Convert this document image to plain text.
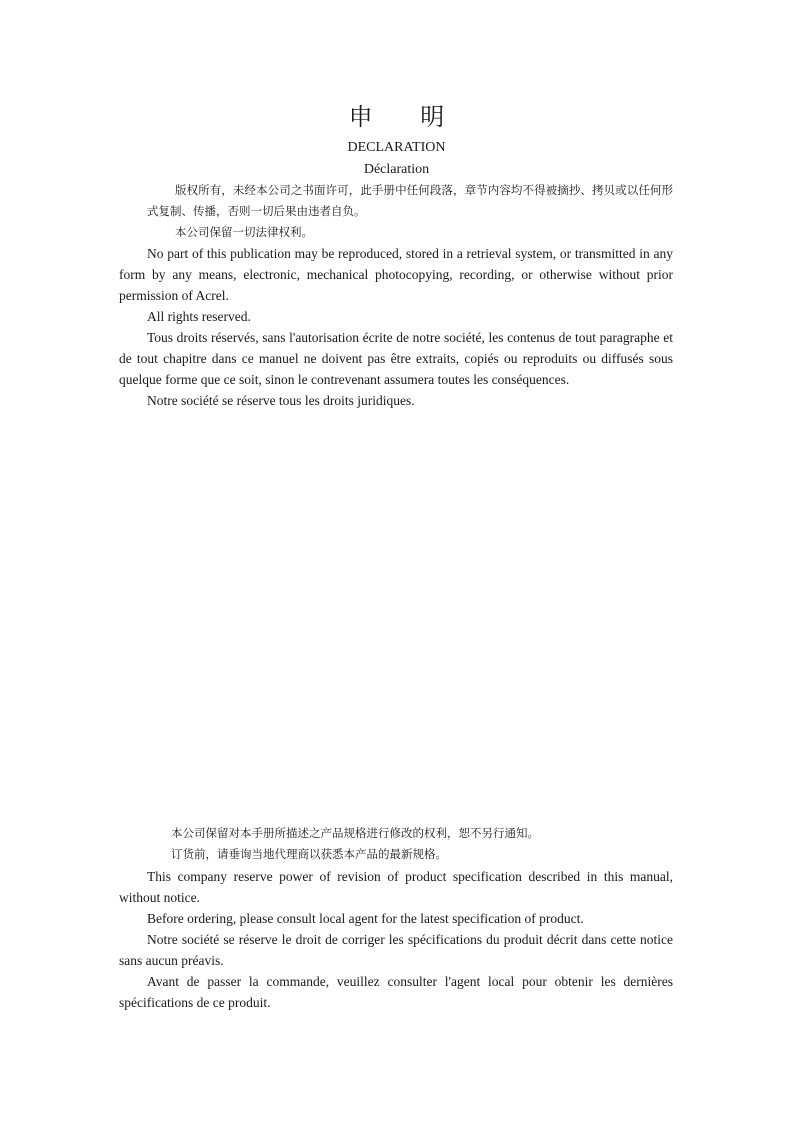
申 明
DECLARATION
Déclaration

版权所有，未经本公司之书面许可，此手册中任何段落，章节内容均不得被摘抄、拷贝或以任何形式复制、传播，否则一切后果由违者自负。

本公司保留一切法律权利。

No part of this publication may be reproduced, stored in a retrieval system, or transmitted in any form by any means, electronic, mechanical photocopying, recording, or otherwise without prior permission of Acrel.

All rights reserved.

Tous droits réservés, sans l'autorisation écrite de notre société, les contenus de tout paragraphe et de tout chapitre dans ce manuel ne doivent pas être extraits, copiés ou reproduits ou diffusés sous quelque forme que ce soit, sinon le contrevenant assumera toutes les conséquences.

Notre société se réserve tous les droits juridiques.

本公司保留对本手册所描述之产品规格进行修改的权利，恕不另行通知。

订货前，请垂询当地代理商以获悉本产品的最新规格。

This company reserve power of revision of product specification described in this manual, without notice.

Before ordering, please consult local agent for the latest specification of product.

Notre société se réserve le droit de corriger les spécifications du produit décrit dans cette notice sans aucun préavis.

Avant de passer la commande, veuillez consulter l'agent local pour obtenir les dernières spécifications de ce produit.
